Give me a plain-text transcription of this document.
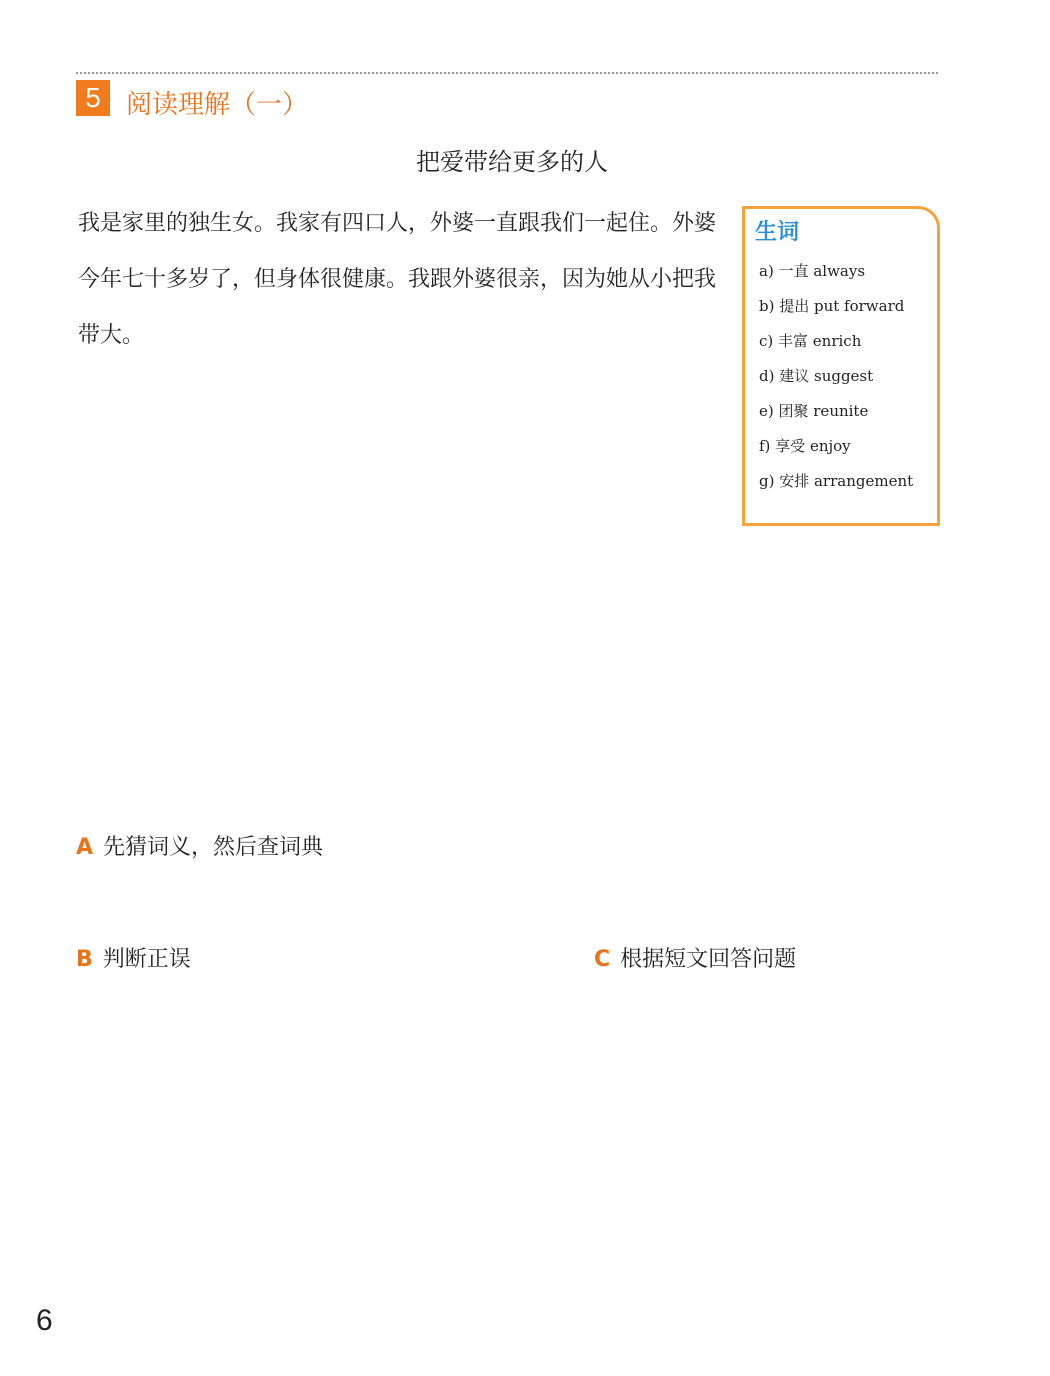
5 阅读理解（一）
把爱带给更多的人
我是家里的独生女。我家有四口人，外婆一直跟我们一起住。外婆今年七十多岁了，但身体很健康。我跟外婆很亲，因为她从小把我带大。
生词
a) 一直 always
b) 提出 put forward
c) 丰富 enrich
d) 建议 suggest
e) 团聚 reunite
f) 享受 enjoy
g) 安排 arrangement
A 先猜词义，然后查词典
B 判断正误	C 根据短文回答问题
6
